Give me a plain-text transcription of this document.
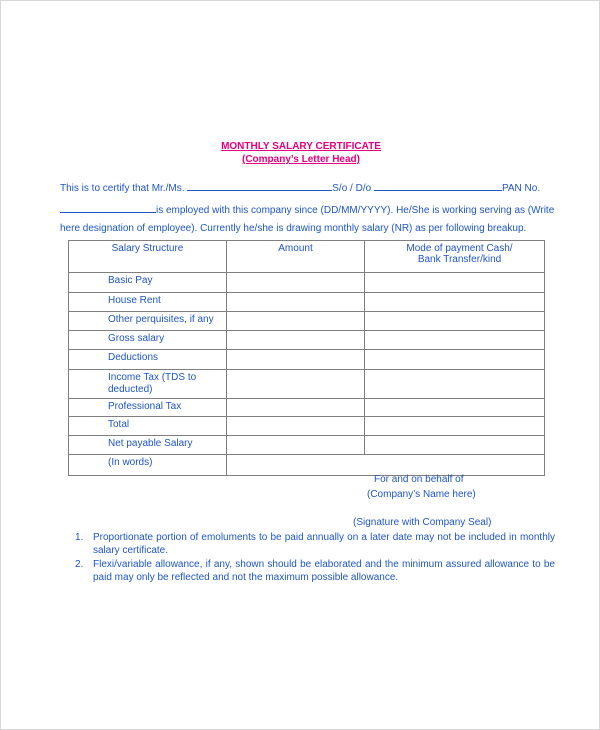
MONTHLY SALARY CERTIFICATE
(Company’s Letter Head)
This is to certify that Mr./Ms.	S/o / D/o	PAN No.
is employed with this company since (DD/MM/YYYY). He/She is working serving as (Write
here designation of employee). Currently he/she is drawing monthly salary (NR) as per following breakup.
Salary Structure	Amount	Mode of payment Cash/ Bank Transfer/kind
Basic Pay		
House Rent		
Other perquisites, if any		
Gross salary		
Deductions		
Income Tax (TDS to deducted)		
Professional Tax		
Total		
Net payable Salary		
(In words)		
For and on behalf of
(Company’s Name here)
(Signature with Company Seal)
1. Proportionate portion of emoluments to be paid annually on a later date may not be included in monthly salary certificate.
2. Flexi/variable allowance, if any, shown should be elaborated and the minimum assured allowance to be paid may only be reflected and not the maximum possible allowance.
